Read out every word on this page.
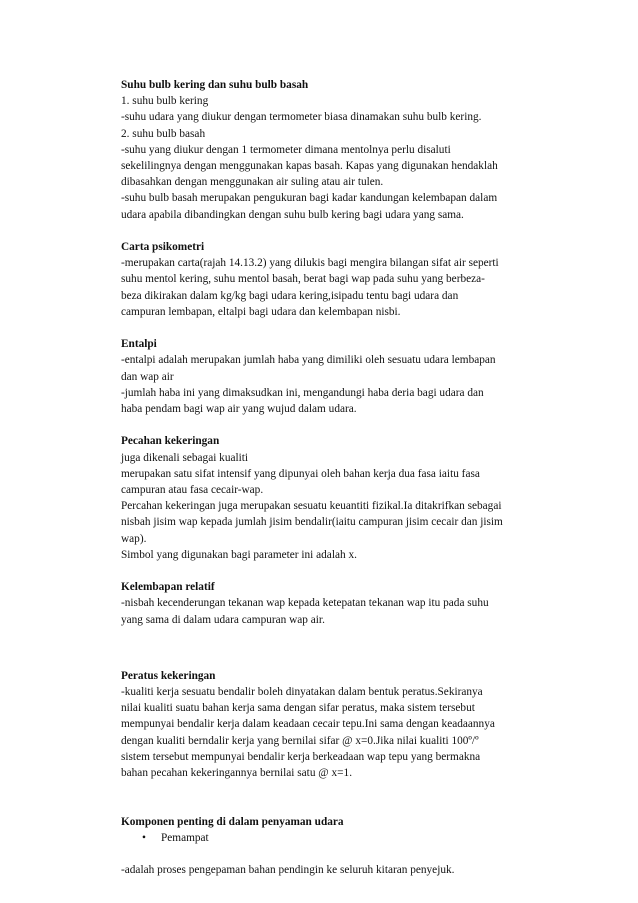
Suhu bulb kering dan suhu bulb basah
1. suhu bulb kering
-suhu udara yang diukur dengan termometer biasa dinamakan suhu bulb kering.
2. suhu bulb basah
-suhu yang diukur dengan 1 termometer dimana mentolnya perlu disaluti
sekelilingnya dengan menggunakan kapas basah. Kapas yang digunakan hendaklah
dibasahkan dengan menggunakan air suling atau air tulen.
-suhu bulb basah merupakan pengukuran bagi kadar kandungan kelembapan dalam
udara apabila dibandingkan dengan suhu bulb kering bagi udara yang sama.
Carta psikometri
-merupakan carta(rajah 14.13.2) yang dilukis bagi mengira bilangan sifat air seperti
suhu mentol kering, suhu mentol basah, berat bagi wap pada suhu yang berbeza-
beza dikirakan dalam kg/kg bagi udara kering,isipadu tentu bagi udara dan
campuran lembapan, eltalpi bagi udara dan kelembapan nisbi.
Entalpi
-entalpi adalah merupakan jumlah haba yang dimiliki oleh sesuatu udara lembapan
dan wap air
-jumlah haba ini yang dimaksudkan ini, mengandungi haba deria bagi udara dan
haba pendam bagi wap air yang wujud dalam udara.
Pecahan kekeringan
juga dikenali sebagai kualiti
merupakan satu sifat intensif yang dipunyai oleh bahan kerja dua fasa iaitu fasa
campuran atau fasa cecair-wap.
Percahan kekeringan juga merupakan sesuatu keuantiti fizikal.Ia ditakrifkan sebagai
nisbah jisim wap kepada jumlah jisim bendalir(iaitu campuran jisim cecair dan jisim
wap).
Simbol yang digunakan bagi parameter ini adalah x.
Kelembapan relatif
-nisbah kecenderungan tekanan wap kepada ketepatan tekanan wap itu pada suhu
yang sama di dalam udara campuran wap air.
Peratus kekeringan
-kualiti kerja sesuatu bendalir boleh dinyatakan dalam bentuk peratus.Sekiranya
nilai kualiti suatu bahan kerja sama dengan sifar peratus, maka sistem tersebut
mempunyai bendalir kerja dalam keadaan cecair tepu.Ini sama dengan keadaannya
dengan kualiti berndalir kerja yang bernilai sifar @ x=0.Jika nilai kualiti 100º/º
sistem tersebut mempunyai bendalir kerja berkeadaan wap tepu yang bermakna
bahan pecahan kekeringannya bernilai satu @ x=1.
Komponen penting di dalam penyaman udara
• Pemampat
-adalah proses pengepaman bahan pendingin ke seluruh kitaran penyejuk.
